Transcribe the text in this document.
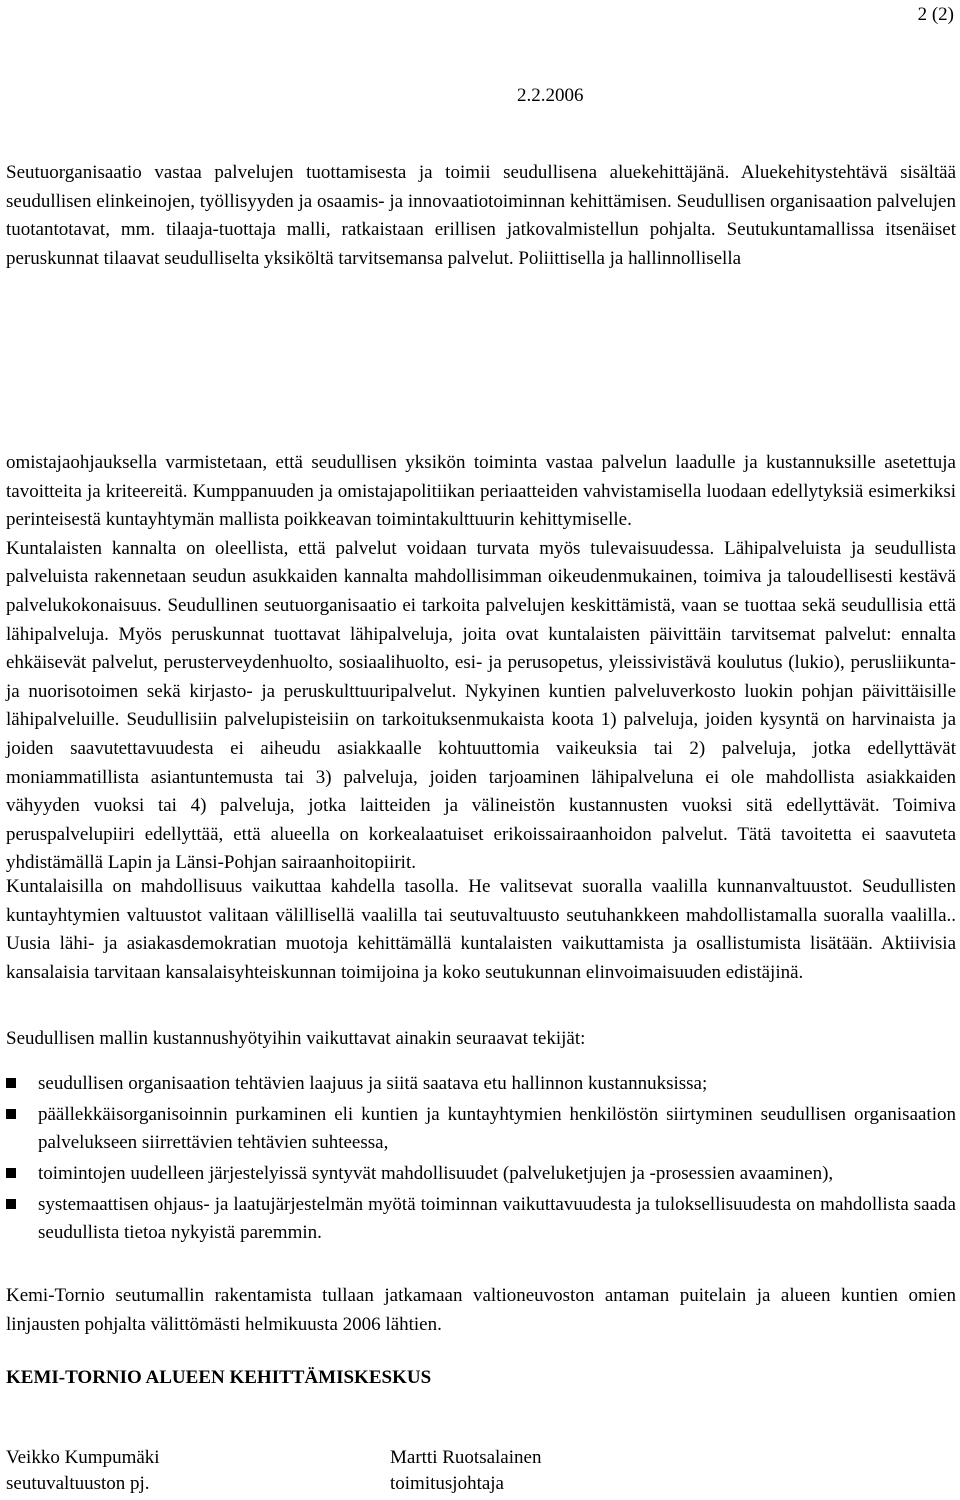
2 (2)
2.2.2006

Seutuorganisaatio vastaa palvelujen tuottamisesta ja toimii seudullisena aluekehittäjänä. Aluekehitystehtävä sisältää seudullisen elinkeinojen, työllisyyden ja osaamis- ja innovaatiotoiminnan kehittämisen. Seudullisen organisaation palvelujen tuotantotavat, mm. tilaaja-tuottaja malli, ratkaistaan erillisen jatkovalmistellun pohjalta. Seutukuntamallissa itsenäiset peruskunnat tilaavat seudulliselta yksiköltä tarvitsemansa palvelut. Poliittisella ja hallinnollisella

omistajaohjauksella varmistetaan, että seudullisen yksikön toiminta vastaa palvelun laadulle ja kustannuksille asetettuja tavoitteita ja kriteereitä. Kumppanuuden ja omistajapolitiikan periaatteiden vahvistamisella luodaan edellytyksiä esimerkiksi perinteisestä kuntayhtymän mallista poikkeavan toimintakulttuurin kehittymiselle.
Kuntalaisten kannalta on oleellista, että palvelut voidaan turvata myös tulevaisuudessa. Lähipalveluista ja seudullista palveluista rakennetaan seudun asukkaiden kannalta mahdollisimman oikeudenmukainen, toimiva ja taloudellisesti kestävä palvelukokonaisuus. Seudullinen seutuorganisaatio ei tarkoita palvelujen keskittämistä, vaan se tuottaa sekä seudullisia että lähipalveluja. Myös peruskunnat tuottavat lähipalveluja, joita ovat kuntalaisten päivittäin tarvitsemat palvelut: ennalta ehkäisevät palvelut, perusterveydenhuolto, sosiaalihuolto, esi- ja perusopetus, yleissivistävä koulutus (lukio), perusliikunta- ja nuorisotoimen sekä kirjasto- ja peruskulttuuripalvelut. Nykyinen kuntien palveluverkosto luokin pohjan päivittäisille lähipalveluille. Seudullisiin palvelupisteisiin on tarkoituksenmukaista koota 1) palveluja, joiden kysyntä on harvinaista ja joiden saavutettavuudesta ei aiheudu asiakkaalle kohtuuttomia vaikeuksia tai 2) palveluja, jotka edellyttävät moniammatillista asiantuntemusta tai 3) palveluja, joiden tarjoaminen lähipalveluna ei ole mahdollista asiakkaiden vähyyden vuoksi tai 4) palveluja, jotka laitteiden ja välineistön kustannusten vuoksi sitä edellyttävät. Toimiva peruspalvelupiiri edellyttää, että alueella on korkealaatuiset erikoissairaanhoidon palvelut. Tätä tavoitetta ei saavuteta yhdistämällä Lapin ja Länsi-Pohjan sairaanhoitopiirit.

Kuntalaisilla on mahdollisuus vaikuttaa kahdella tasolla. He valitsevat suoralla vaalilla kunnanvaltuustot. Seudullisten kuntayhtymien valtuustot valitaan välillisellä vaalilla tai seutuvaltuusto seutuhankkeen mahdollistamalla suoralla vaalilla.. Uusia lähi- ja asiakasdemokratian muotoja kehittämällä kuntalaisten vaikuttamista ja osallistumista lisätään. Aktiivisia kansalaisia tarvitaan kansalaisyhteiskunnan toimijoina ja koko seutukunnan elinvoimaisuuden edistäjinä.

Seudullisen mallin kustannushyötyihin vaikuttavat ainakin seuraavat tekijät:

seudullisen organisaation tehtävien laajuus ja siitä saatava etu hallinnon kustannuksissa;
päällekkäisorganisoinnin purkaminen eli kuntien ja kuntayhtymien henkilöstön siirtyminen seudullisen organisaation palvelukseen siirrettävien tehtävien suhteessa,
toimintojen uudelleen järjestelyissä syntyvät mahdollisuudet (palveluketjujen ja -prosessien avaaminen),
systemaattisen ohjaus- ja laatujärjestelmän myötä toiminnan vaikuttavuudesta ja tuloksellisuudesta on mahdollista saada seudullista tietoa nykyistä paremmin.

Kemi-Tornio seutumallin rakentamista tullaan jatkamaan valtioneuvoston antaman puitelain ja alueen kuntien omien linjausten pohjalta välittömästi helmikuusta 2006 lähtien.

KEMI-TORNIO ALUEEN KEHITTÄMISKESKUS
Veikko Kumpumäki
seutuvaltuuston pj.
Martti Ruotsalainen
toimitusjohtaja
